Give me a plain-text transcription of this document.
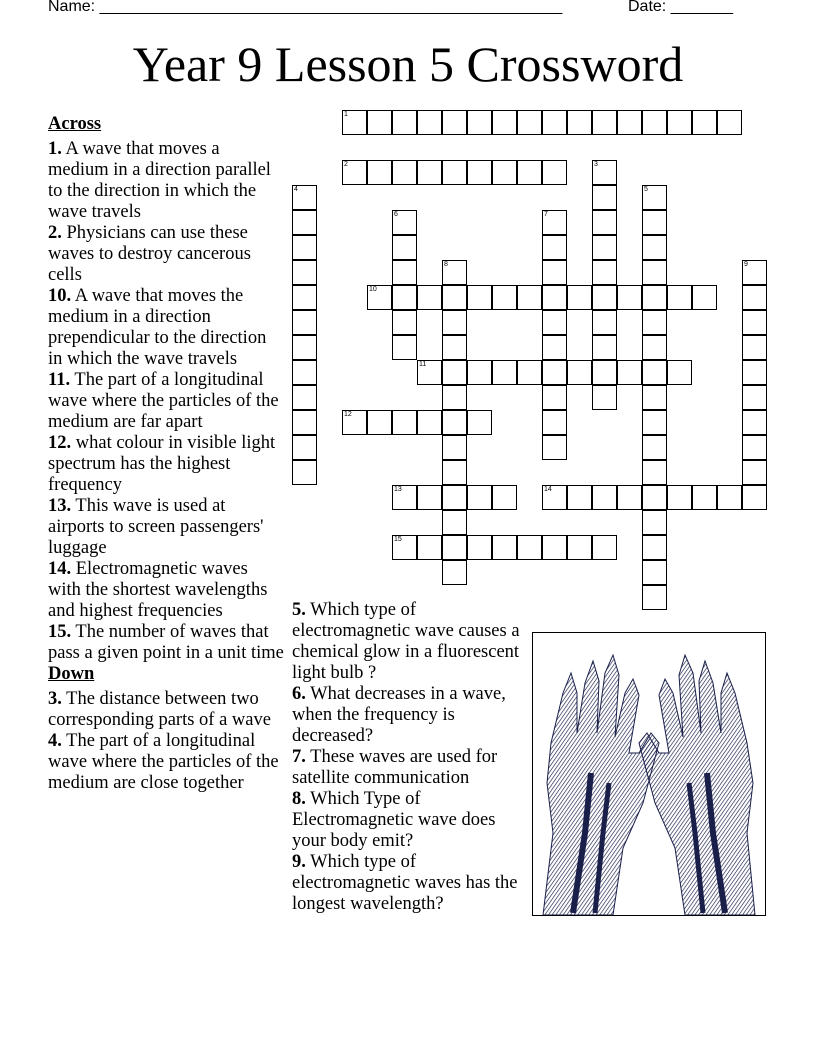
Name: ____________________________________________________	Date: _______
Year 9 Lesson 5 Crossword
Across
1. A wave that moves a medium in a direction parallel to the direction in which the wave travels
2. Physicians can use these waves to destroy cancerous cells
10. A wave that moves the medium in a direction prependicular to the direction in which the wave travels
11. The part of a longitudinal wave where the particles of the medium are far apart
12. what colour in visible light spectrum has the highest frequency
13. This wave is used at airports to screen passengers' luggage
14. Electromagnetic waves with the shortest wavelengths and highest frequencies
15. The number of waves that pass a given point in a unit time
Down
3. The distance between two corresponding parts of a wave
4. The part of a longitudinal wave where the particles of the medium are close together
5. Which type of electromagnetic wave causes a chemical glow in a fluorescent light bulb ?
6. What decreases in a wave, when the frequency is decreased?
7. These waves are used for satellite communication
8. Which Type of Electromagnetic wave does your body emit?
9. Which type of electromagnetic waves has the longest wavelength?
1
2	3
4	5
6	7
8	9
10
11
12
13	14
15
